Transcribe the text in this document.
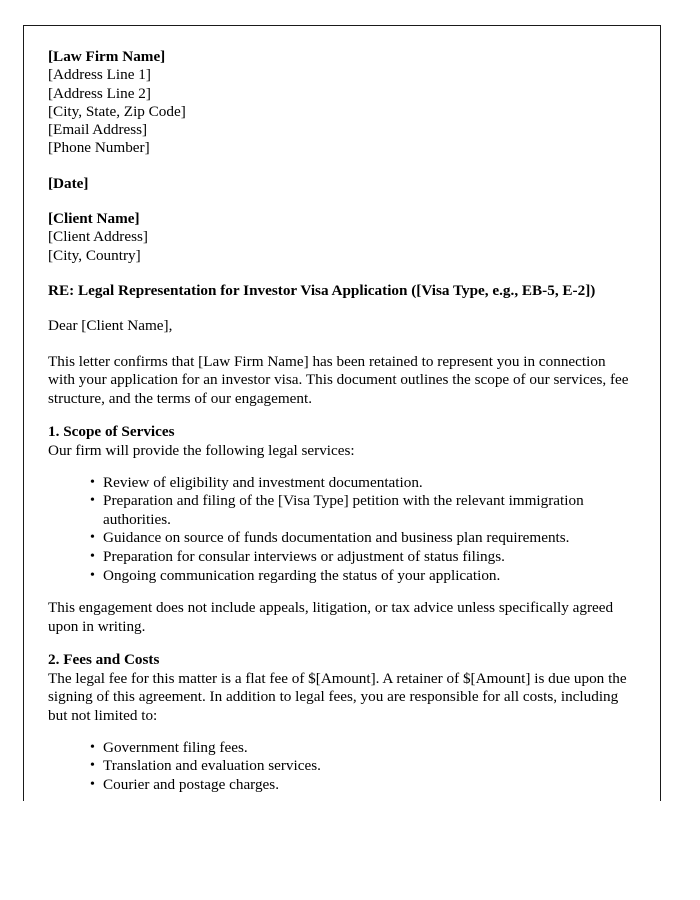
[Law Firm Name]
[Address Line 1]
[Address Line 2]
[City, State, Zip Code]
[Email Address]
[Phone Number]
[Date]
[Client Name]
[Client Address]
[City, Country]
RE: Legal Representation for Investor Visa Application ([Visa Type, e.g., EB-5, E-2])
Dear [Client Name],
This letter confirms that [Law Firm Name] has been retained to represent you in connection with your application for an investor visa. This document outlines the scope of our services, fee structure, and the terms of our engagement.
1. Scope of Services
Our firm will provide the following legal services:
• Review of eligibility and investment documentation.
• Preparation and filing of the [Visa Type] petition with the relevant immigration authorities.
• Guidance on source of funds documentation and business plan requirements.
• Preparation for consular interviews or adjustment of status filings.
• Ongoing communication regarding the status of your application.
This engagement does not include appeals, litigation, or tax advice unless specifically agreed upon in writing.
2. Fees and Costs
The legal fee for this matter is a flat fee of $[Amount]. A retainer of $[Amount] is due upon the signing of this agreement. In addition to legal fees, you are responsible for all costs, including but not limited to:
• Government filing fees.
• Translation and evaluation services.
• Courier and postage charges.
